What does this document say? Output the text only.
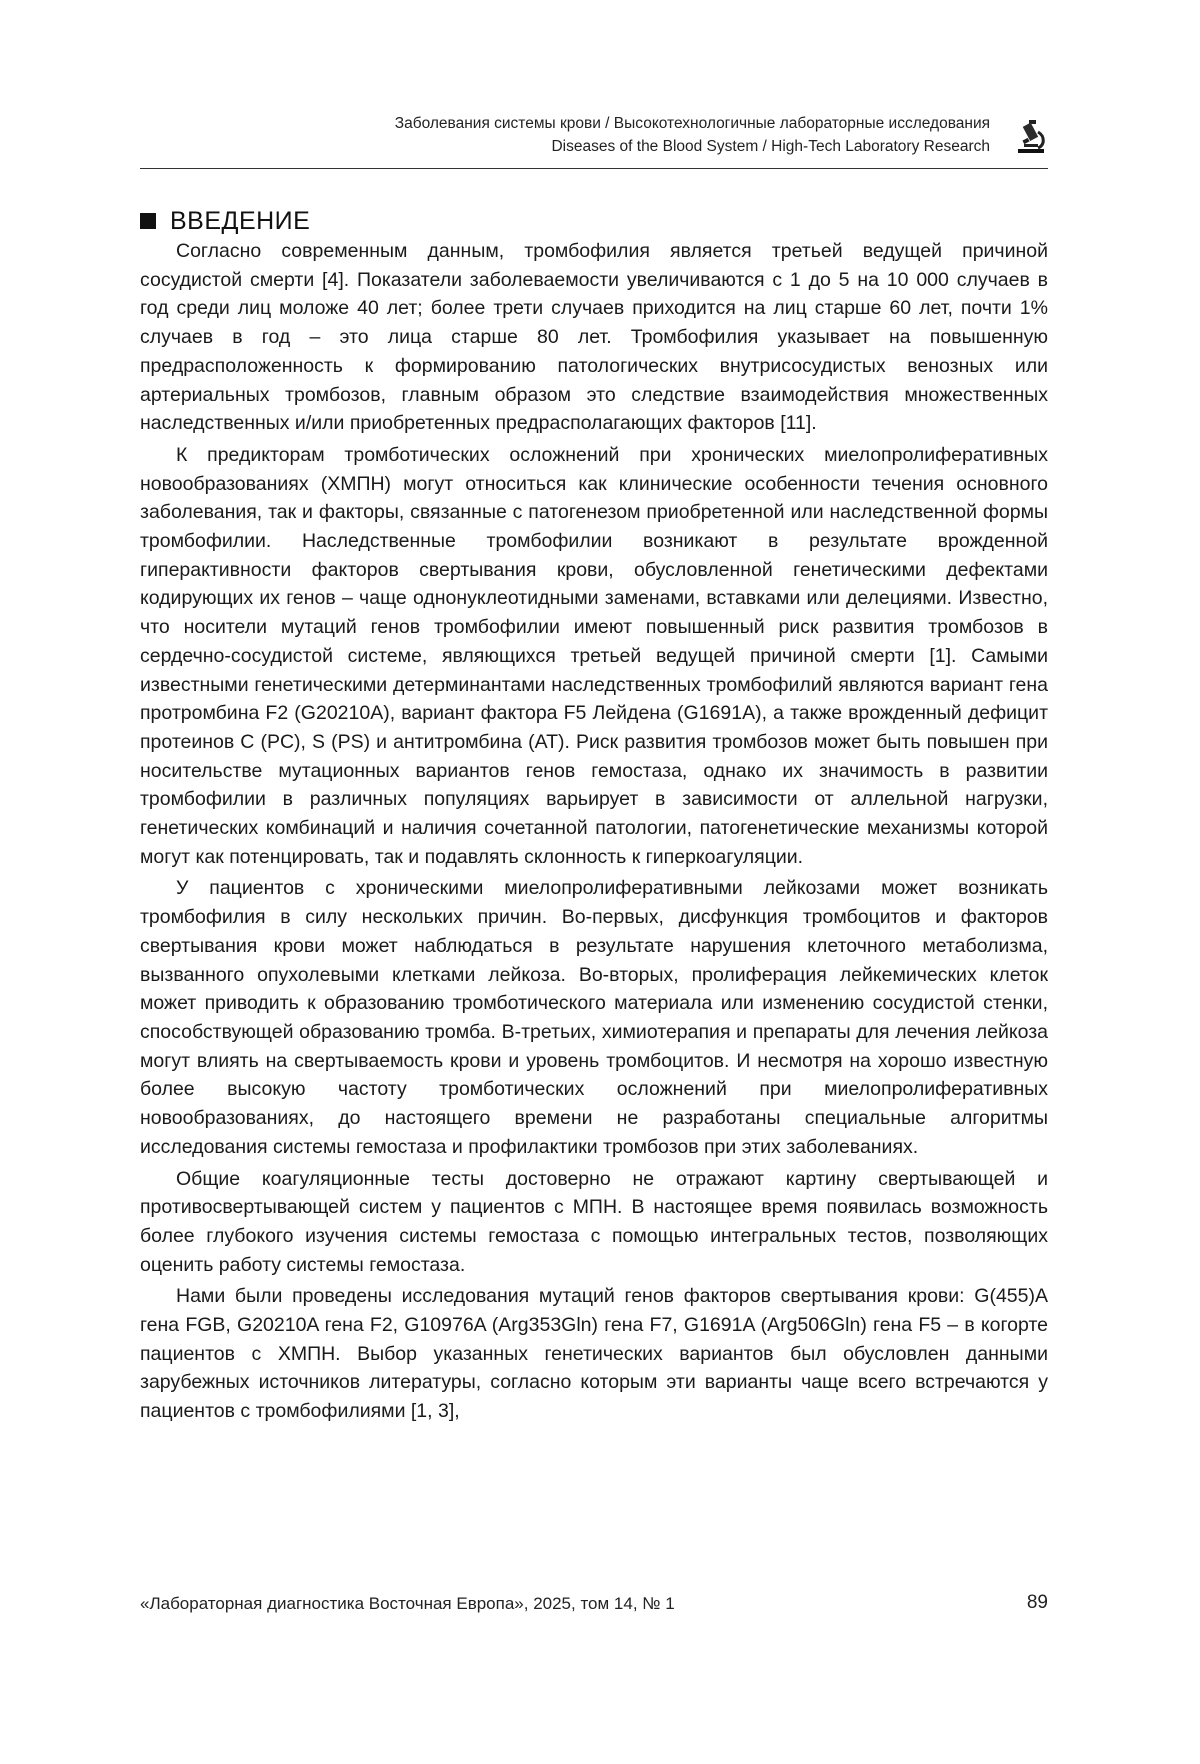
Заболевания системы крови / Высокотехнологичные лабораторные исследования
Diseases of the Blood System / High-Tech Laboratory Research
ВВЕДЕНИЕ

Согласно современным данным, тромбофилия является третьей ведущей причиной сосудистой смерти [4]. Показатели заболеваемости увеличиваются с 1 до 5 на 10 000 случаев в год среди лиц моложе 40 лет; более трети случаев приходится на лиц старше 60 лет, почти 1% случаев в год – это лица старше 80 лет. Тромбофилия указывает на повышенную предрасположенность к формированию патологических внутрисосудистых венозных или артериальных тромбозов, главным образом это следствие взаимодействия множественных наследственных и/или приобретенных предрасполагающих факторов [11].

К предикторам тромботических осложнений при хронических миелопролиферативных новообразованиях (ХМПН) могут относиться как клинические особенности течения основного заболевания, так и факторы, связанные с патогенезом приобретенной или наследственной формы тромбофилии. Наследственные тромбофилии возникают в результате врожденной гиперактивности факторов свертывания крови, обусловленной генетическими дефектами кодирующих их генов – чаще однонуклеотидными заменами, вставками или делециями. Известно, что носители мутаций генов тромбофилии имеют повышенный риск развития тромбозов в сердечно-сосудистой системе, являющихся третьей ведущей причиной смерти [1]. Самыми известными генетическими детерминантами наследственных тромбофилий являются вариант гена протромбина F2 (G20210A), вариант фактора F5 Лейдена (G1691A), а также врожденный дефицит протеинов C (PC), S (PS) и антитромбина (AT). Риск развития тромбозов может быть повышен при носительстве мутационных вариантов генов гемостаза, однако их значимость в развитии тромбофилии в различных популяциях варьирует в зависимости от аллельной нагрузки, генетических комбинаций и наличия сочетанной патологии, патогенетические механизмы которой могут как потенцировать, так и подавлять склонность к гиперкоагуляции.

У пациентов с хроническими миелопролиферативными лейкозами может возникать тромбофилия в силу нескольких причин. Во-первых, дисфункция тромбоцитов и факторов свертывания крови может наблюдаться в результате нарушения клеточного метаболизма, вызванного опухолевыми клетками лейкоза. Во-вторых, пролиферация лейкемических клеток может приводить к образованию тромботического материала или изменению сосудистой стенки, способствующей образованию тромба. В-третьих, химиотерапия и препараты для лечения лейкоза могут влиять на свертываемость крови и уровень тромбоцитов. И несмотря на хорошо известную более высокую частоту тромботических осложнений при миелопролиферативных новообразованиях, до настоящего времени не разработаны специальные алгоритмы исследования системы гемостаза и профилактики тромбозов при этих заболеваниях.

Общие коагуляционные тесты достоверно не отражают картину свертывающей и противосвертывающей систем у пациентов с МПН. В настоящее время появилась возможность более глубокого изучения системы гемостаза с помощью интегральных тестов, позволяющих оценить работу системы гемостаза.

Нами были проведены исследования мутаций генов факторов свертывания крови: G(455)A гена FGB, G20210A гена F2, G10976A (Arg353Gln) гена F7, G1691A (Arg506Gln) гена F5 – в когорте пациентов с ХМПН. Выбор указанных генетических вариантов был обусловлен данными зарубежных источников литературы, согласно которым эти варианты чаще всего встречаются у пациентов с тромбофилиями [1, 3],

«Лабораторная диагностика Восточная Европа», 2025, том 14, № 1	89
